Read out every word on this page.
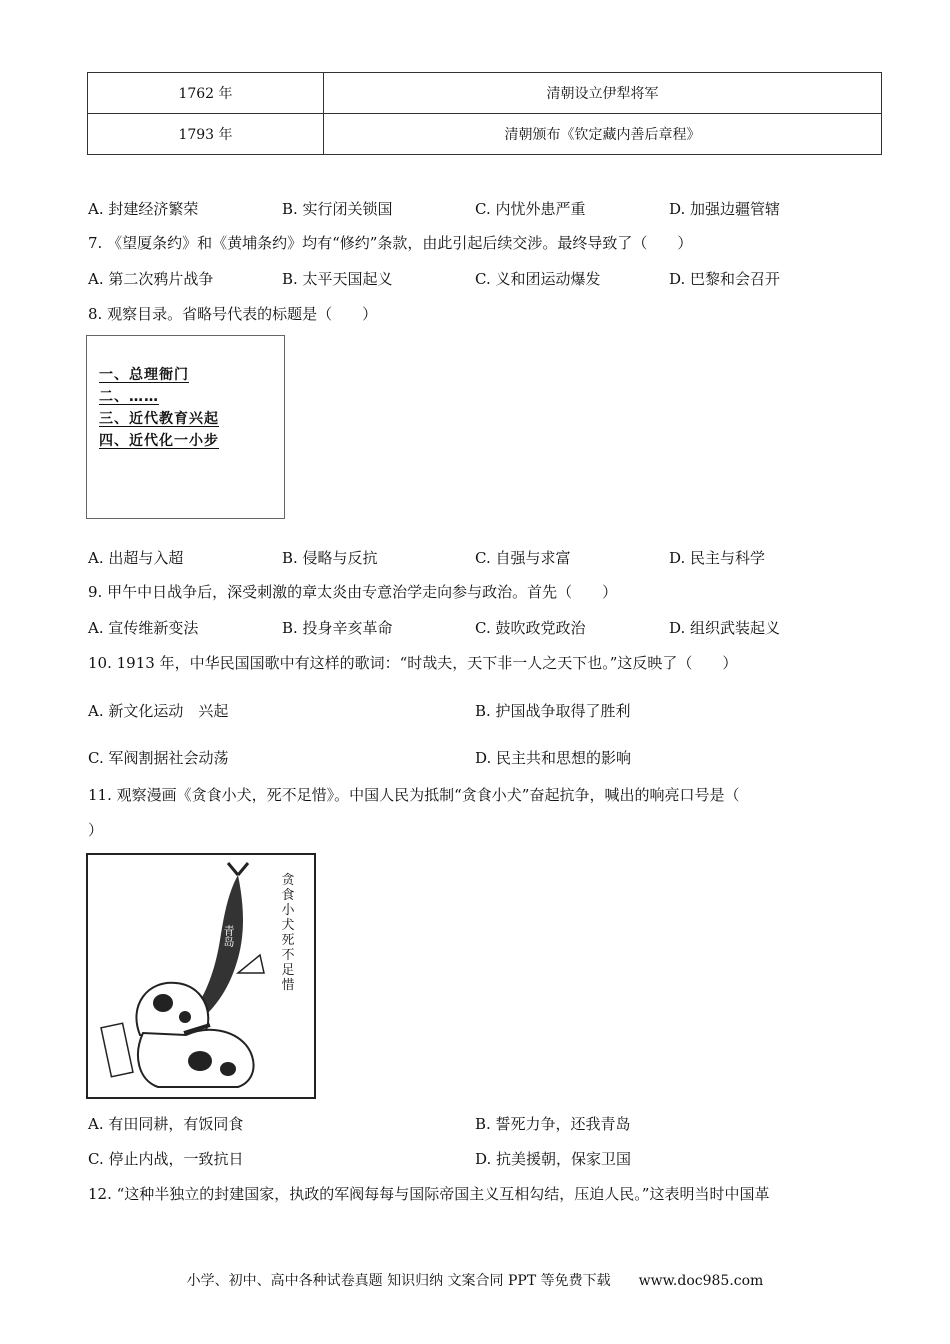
1762 年	清朝设立伊犁将军
1793 年	清朝颁布《钦定藏内善后章程》
A. 封建经济繁荣	B. 实行闭关锁国	C. 内忧外患严重	D. 加强边疆管辖
7. 《望厦条约》和《黄埔条约》均有“修约”条款，由此引起后续交涉。最终导致了（　　）
A. 第二次鸦片战争	B. 太平天国起义	C. 义和团运动爆发	D. 巴黎和会召开
8. 观察目录。省略号代表的标题是（　　）
一、总理衙门
二、……
三、近代教育兴起
四、近代化一小步
A. 出超与入超	B. 侵略与反抗	C. 自强与求富	D. 民主与科学
9. 甲午中日战争后，深受刺激的章太炎由专意治学走向参与政治。首先（　　）
A. 宣传维新变法	B. 投身辛亥革命	C. 鼓吹政党政治	D. 组织武装起义
10. 1913 年，中华民国国歌中有这样的歌词：“时哉夫，天下非一人之天下也。”这反映了（　　）
A. 新文化运动　兴起	B. 护国战争取得了胜利
C. 军阀割据社会动荡	D. 民主共和思想的影响
11. 观察漫画《贪食小犬，死不足惜》。中国人民为抵制“贪食小犬”奋起抗争，喊出的响亮口号是（
）
青岛
贪
食
小
犬
死
不
足
惜
A. 有田同耕，有饭同食	B. 誓死力争，还我青岛
C. 停止内战，一致抗日	D. 抗美援朝，保家卫国
12. “这种半独立的封建国家，执政的军阀每每与国际帝国主义互相勾结，压迫人民。”这表明当时中国革
小学、初中、高中各种试卷真题 知识归纳 文案合同 PPT 等免费下载　　www.doc985.com
